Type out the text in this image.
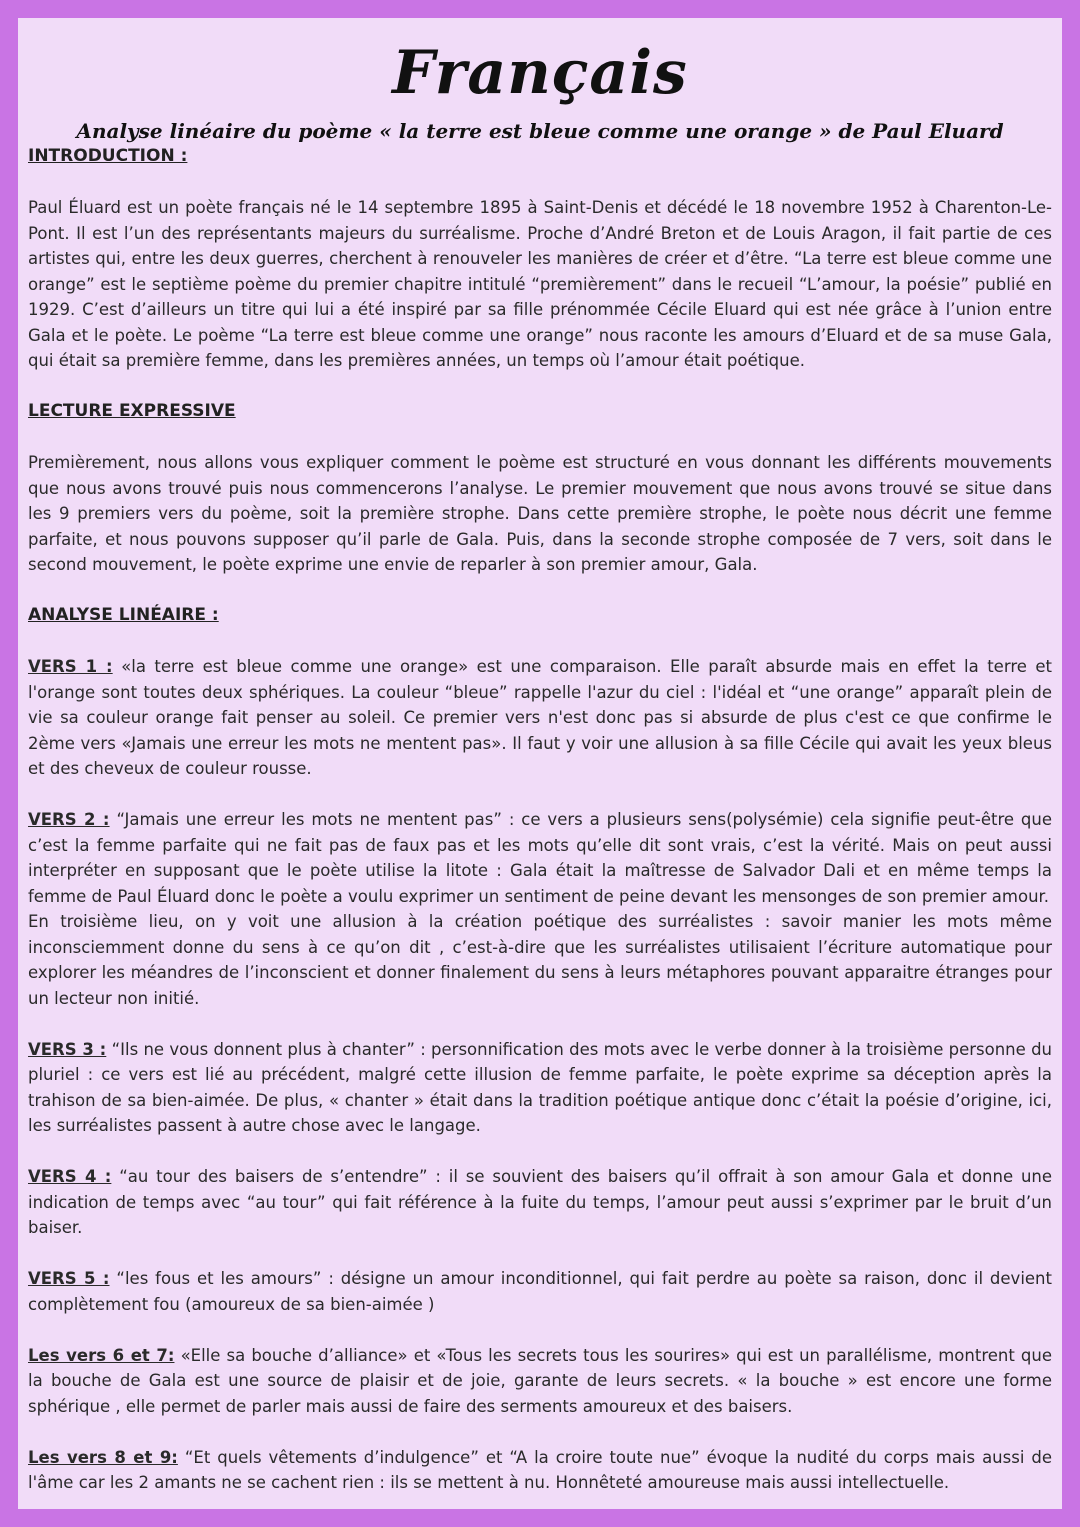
Français
Analyse linéaire du poème « la terre est bleue comme une orange » de Paul Eluard
INTRODUCTION :

Paul Éluard est un poète français né le 14 septembre 1895 à Saint-Denis et décédé le 18 novembre 1952 à Charenton-Le-Pont. Il est l’un des représentants majeurs du surréalisme. Proche d’André Breton et de Louis Aragon, il fait partie de ces artistes qui, entre les deux guerres, cherchent à renouveler les manières de créer et d’être. “La terre est bleue comme une orange” est le septième poème du premier chapitre intitulé “premièrement” dans le recueil “L’amour, la poésie” publié en 1929. C’est d’ailleurs un titre qui lui a été inspiré par sa fille prénommée Cécile Eluard qui est née grâce à l’union entre Gala et le poète. Le poème “La terre est bleue comme une orange” nous raconte les amours d’Eluard et de sa muse Gala, qui était sa première femme, dans les premières années, un temps où l’amour était poétique.

LECTURE EXPRESSIVE

Premièrement, nous allons vous expliquer comment le poème est structuré en vous donnant les différents mouvements que nous avons trouvé puis nous commencerons l’analyse. Le premier mouvement que nous avons trouvé se situe dans les 9 premiers vers du poème, soit la première strophe. Dans cette première strophe, le poète nous décrit une femme parfaite, et nous pouvons supposer qu’il parle de Gala. Puis, dans la seconde strophe composée de 7 vers, soit dans le second mouvement, le poète exprime une envie de reparler à son premier amour, Gala.

ANALYSE LINÉAIRE :

VERS 1 : «la terre est bleue comme une orange» est une comparaison. Elle paraît absurde mais en effet la terre et l'orange sont toutes deux sphériques. La couleur “bleue” rappelle l'azur du ciel : l'idéal et “une orange” apparaît plein de vie sa couleur orange fait penser au soleil. Ce premier vers n'est donc pas si absurde de plus c'est ce que confirme le 2ème vers «Jamais une erreur les mots ne mentent pas». Il faut y voir une allusion à sa fille Cécile qui avait les yeux bleus et des cheveux de couleur rousse.

VERS 2 : “Jamais une erreur les mots ne mentent pas” : ce vers a plusieurs sens(polysémie) cela signifie peut-être que c’est la femme parfaite qui ne fait pas de faux pas et les mots qu’elle dit sont vrais, c’est la vérité. Mais on peut aussi interpréter en supposant que le poète utilise la litote : Gala était la maîtresse de Salvador Dali et en même temps la femme de Paul Éluard donc le poète a voulu exprimer un sentiment de peine devant les mensonges de son premier amour.

En troisième lieu, on y voit une allusion à la création poétique des surréalistes : savoir manier les mots même inconsciemment donne du sens à ce qu’on dit , c’est-à-dire que les surréalistes utilisaient l’écriture automatique pour explorer les méandres de l’inconscient et donner finalement du sens à leurs métaphores pouvant apparaitre étranges pour un lecteur non initié.

VERS 3 : “Ils ne vous donnent plus à chanter” : personnification des mots avec le verbe donner à la troisième personne du pluriel : ce vers est lié au précédent, malgré cette illusion de femme parfaite, le poète exprime sa déception après la trahison de sa bien-aimée. De plus, « chanter » était dans la tradition poétique antique donc c’était la poésie d’origine, ici, les surréalistes passent à autre chose avec le langage.

VERS 4 : “au tour des baisers de s’entendre” : il se souvient des baisers qu’il offrait à son amour Gala et donne une indication de temps avec “au tour” qui fait référence à la fuite du temps, l’amour peut aussi s’exprimer par le bruit d’un baiser.

VERS 5 : “les fous et les amours” : désigne un amour inconditionnel, qui fait perdre au poète sa raison, donc il devient complètement fou (amoureux de sa bien-aimée )

Les vers 6 et 7: «Elle sa bouche d’alliance» et «Tous les secrets tous les sourires» qui est un parallélisme, montrent que la bouche de Gala est une source de plaisir et de joie, garante de leurs secrets. « la bouche » est encore une forme sphérique , elle permet de parler mais aussi de faire des serments amoureux et des baisers.

Les vers 8 et 9: “Et quels vêtements d’indulgence” et “A la croire toute nue” évoque la nudité du corps mais aussi de l'âme car les 2 amants ne se cachent rien : ils se mettent à nu. Honnêteté amoureuse mais aussi intellectuelle.
